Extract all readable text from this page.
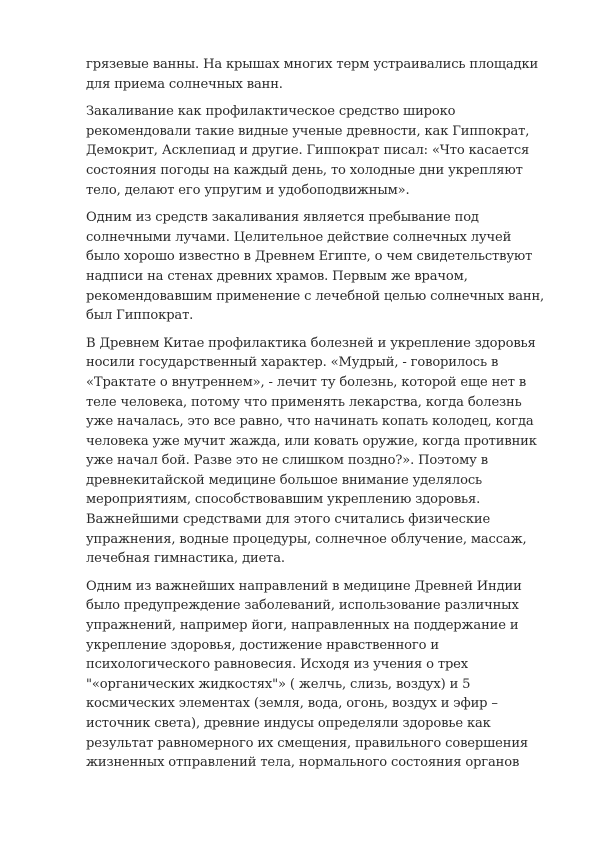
грязевые ванны. На крышах многих терм устраивались площадки
для приема солнечных ванн.
Закаливание как профилактическое средство широко
рекомендовали такие видные ученые древности, как Гиппократ,
Демокрит, Асклепиад и другие. Гиппократ писал: «Что касается
состояния погоды на каждый день, то холодные дни укрепляют
тело, делают его упругим и удобоподвижным».
Одним из средств закаливания является пребывание под
солнечными лучами. Целительное действие солнечных лучей
было хорошо известно в Древнем Египте, о чем свидетельствуют
надписи на стенах древних храмов. Первым же врачом,
рекомендовавшим применение с лечебной целью солнечных ванн,
был Гиппократ.
В Древнем Китае профилактика болезней и укрепление здоровья
носили государственный характер. «Мудрый, - говорилось в
«Трактате о внутреннем», - лечит ту болезнь, которой еще нет в
теле человека, потому что применять лекарства, когда болезнь
уже началась, это все равно, что начинать копать колодец, когда
человека уже мучит жажда, или ковать оружие, когда противник
уже начал бой. Разве это не слишком поздно?». Поэтому в
древнекитайской медицине большое внимание уделялось
мероприятиям, способствовавшим укреплению здоровья.
Важнейшими средствами для этого считались физические
упражнения, водные процедуры, солнечное облучение, массаж,
лечебная гимнастика, диета.
Одним из важнейших направлений в медицине Древней Индии
было предупреждение заболеваний, использование различных
упражнений, например йоги, направленных на поддержание и
укрепление здоровья, достижение нравственного и
психологического равновесия. Исходя из учения о трех
"«органических жидкостях"» ( желчь, слизь, воздух) и 5
космических элементах (земля, вода, огонь, воздух и эфир –
источник света), древние индусы определяли здоровье как
результат равномерного их смещения, правильного совершения
жизненных отправлений тела, нормального состояния органов
